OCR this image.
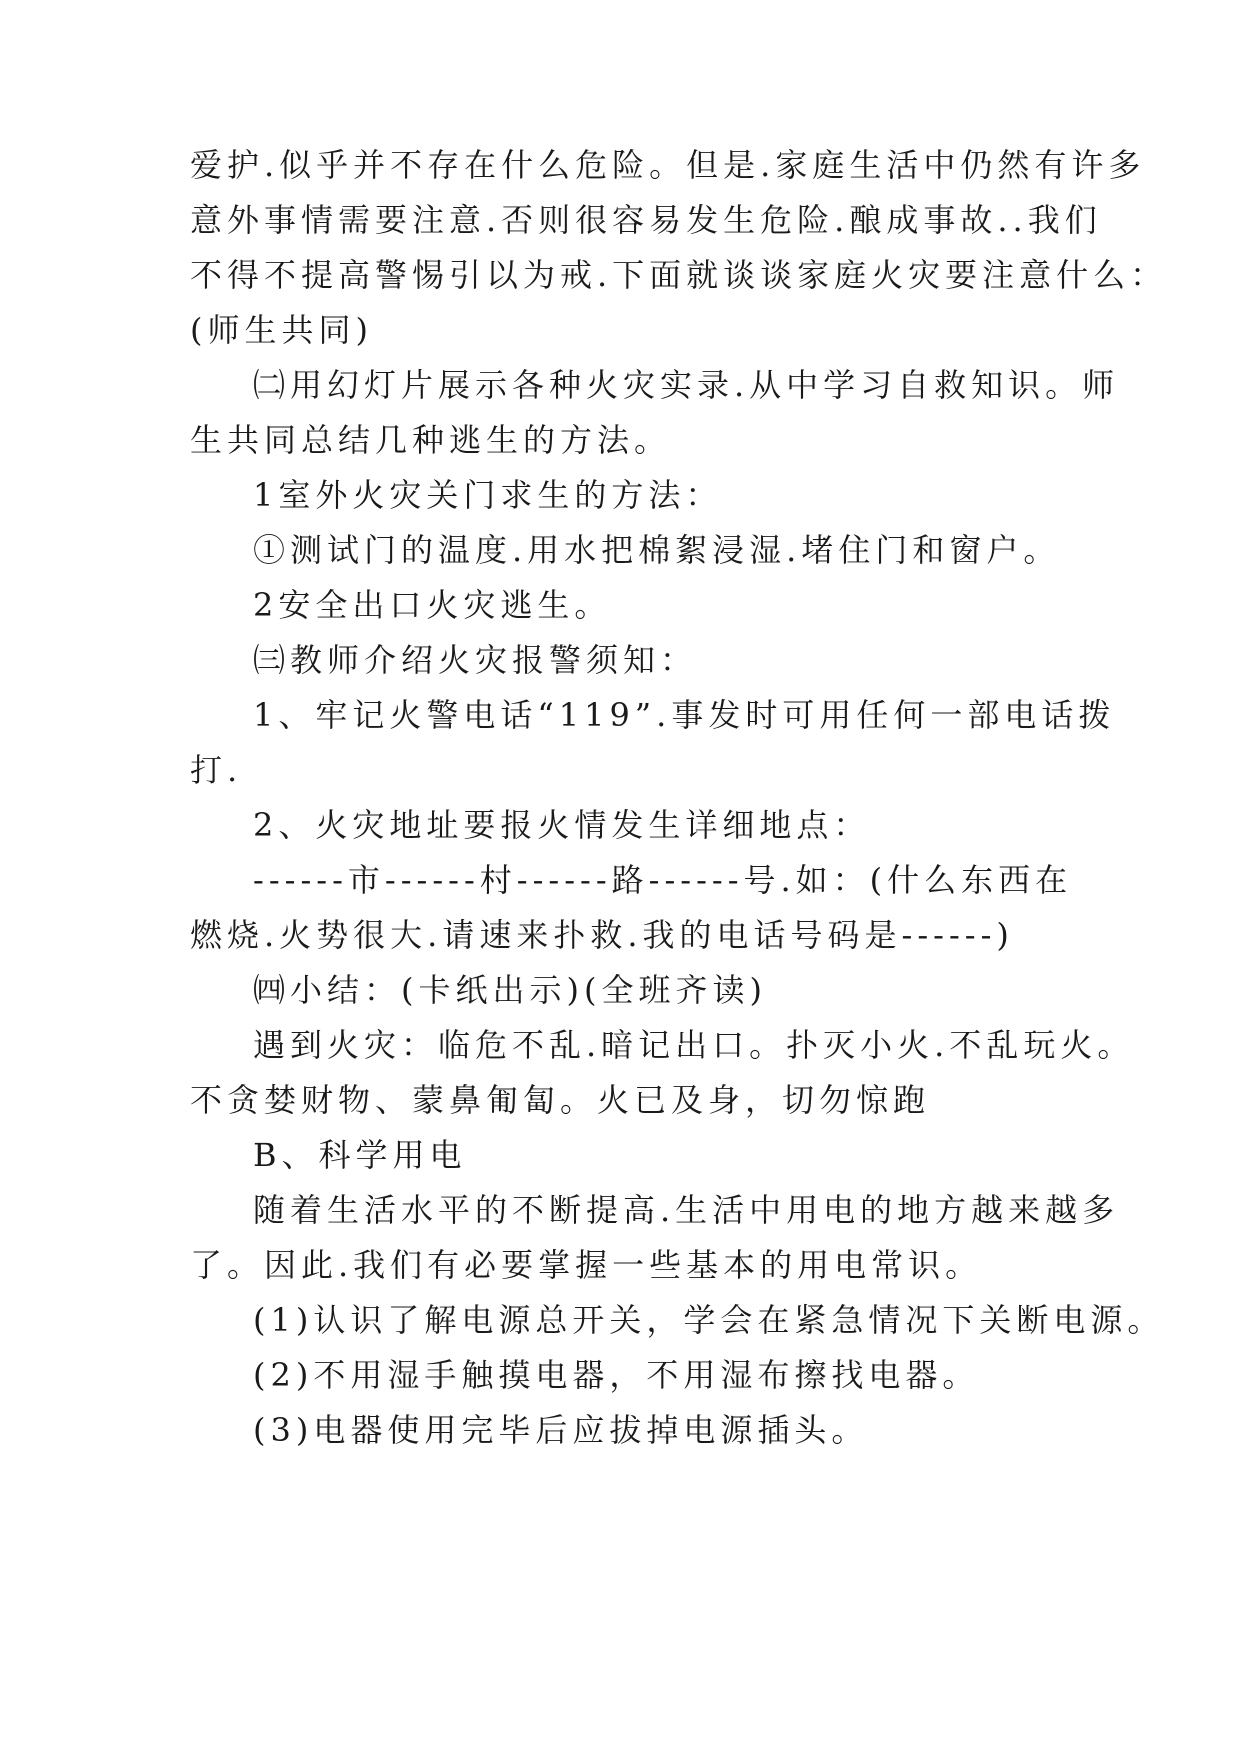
爱护.似乎并不存在什么危险。但是.家庭生活中仍然有许多
意外事情需要注意.否则很容易发生危险.酿成事故..我们
不得不提高警惕引以为戒.下面就谈谈家庭火灾要注意什么：
(师生共同)
㈡用幻灯片展示各种火灾实录.从中学习自救知识。师
生共同总结几种逃生的方法。
1室外火灾关门求生的方法：
①测试门的温度.用水把棉絮浸湿.堵住门和窗户。
2安全出口火灾逃生。
㈢教师介绍火灾报警须知：
1、牢记火警电话“119”.事发时可用任何一部电话拨
打.
2、火灾地址要报火情发生详细地点：
------市------村------路------号.如：(什么东西在
燃烧.火势很大.请速来扑救.我的电话号码是------)
㈣小结：(卡纸出示)(全班齐读)
遇到火灾：临危不乱.暗记出口。扑灭小火.不乱玩火。
不贪婪财物、蒙鼻匍匐。火已及身，切勿惊跑
B、科学用电
随着生活水平的不断提高.生活中用电的地方越来越多
了。因此.我们有必要掌握一些基本的用电常识。
(1)认识了解电源总开关，学会在紧急情况下关断电源。
(2)不用湿手触摸电器，不用湿布擦找电器。
(3)电器使用完毕后应拔掉电源插头。
